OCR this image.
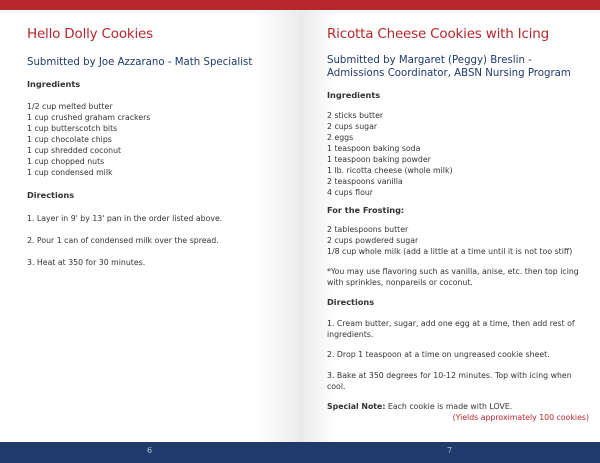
Hello Dolly Cookies
Submitted by Joe Azzarano - Math Specialist
Ingredients
1/2 cup melted butter
1 cup crushed graham crackers
1 cup butterscotch bits
1 cup chocolate chips
1 cup shredded coconut
1 cup chopped nuts
1 cup condensed milk
Directions
1. Layer in 9' by 13' pan in the order listed above.
2. Pour 1 can of condensed milk over the spread.
3. Heat at 350 for 30 minutes.
Ricotta Cheese Cookies with Icing
Submitted by Margaret (Peggy) Breslin - Admissions Coordinator, ABSN Nursing Program
Ingredients
2 sticks butter
2 cups sugar
2 eggs
1 teaspoon baking soda
1 teaspoon baking powder
1 lb. ricotta cheese (whole milk)
2 teaspoons vanilla
4 cups flour
For the Frosting:
2 tablespoons butter
2 cups powdered sugar
1/8 cup whole milk (add a little at a time until it is not too stiff)
*You may use flavoring such as vanilla, anise, etc. then top icing with sprinkles, nonpareils or coconut.
Directions
1. Cream butter, sugar, add one egg at a time, then add rest of ingredients.
2. Drop 1 teaspoon at a time on ungreased cookie sheet.
3. Bake at 350 degrees for 10-12 minutes. Top with icing when cool.
Special Note: Each cookie is made with LOVE.
(Yields approximately 100 cookies)
6	7
